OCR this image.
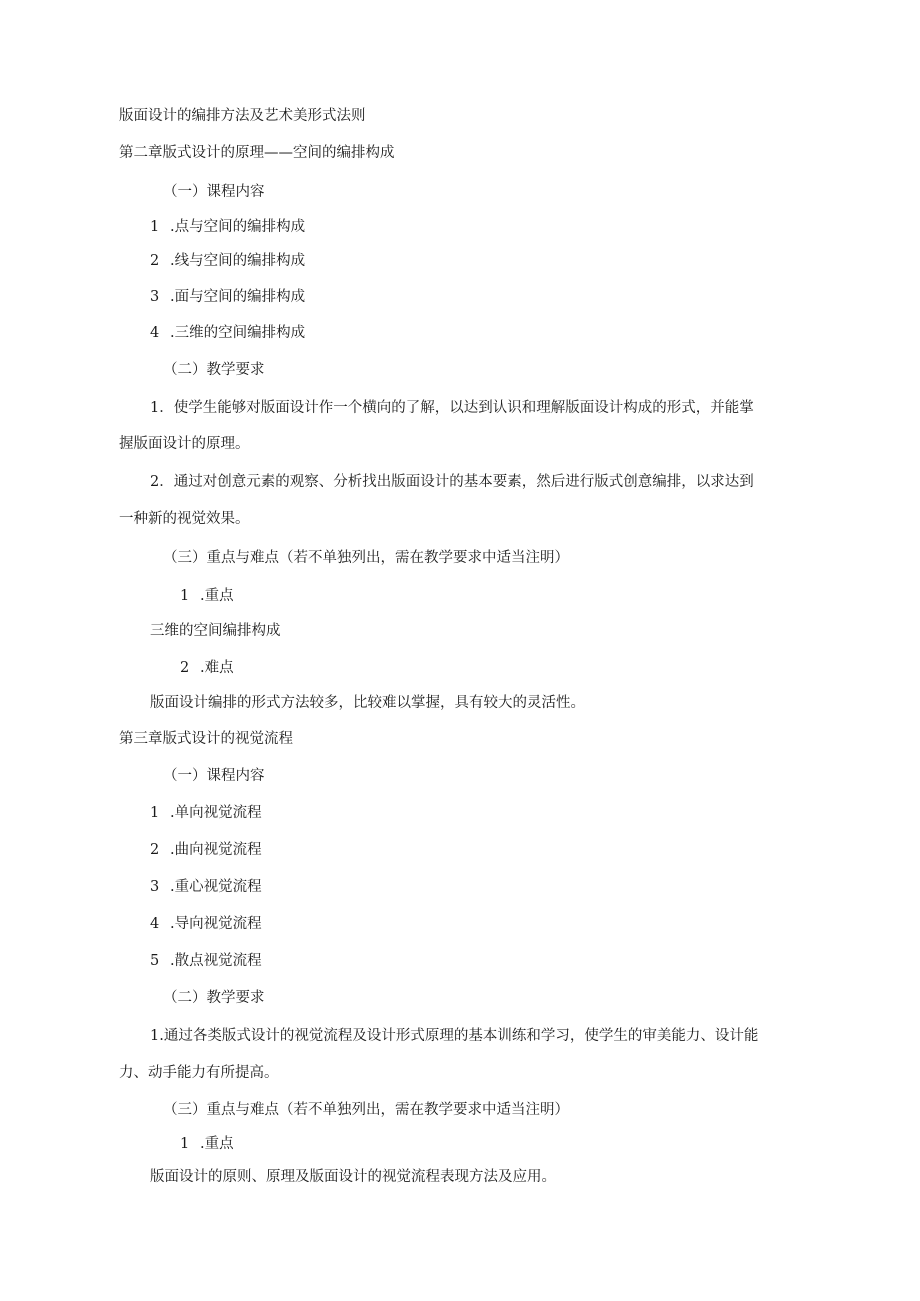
版面设计的编排方法及艺术美形式法则
第二章版式设计的原理——空间的编排构成
（一）课程内容
1 .点与空间的编排构成
2 .线与空间的编排构成
3 .面与空间的编排构成
4 .三维的空间编排构成
（二）教学要求
1．使学生能够对版面设计作一个横向的了解，以达到认识和理解版面设计构成的形式，并能掌
握版面设计的原理。
2．通过对创意元素的观察、分析找出版面设计的基本要素，然后进行版式创意编排，以求达到
一种新的视觉效果。
（三）重点与难点（若不单独列出，需在教学要求中适当注明）
1 .重点
三维的空间编排构成
2 .难点
版面设计编排的形式方法较多，比较难以掌握，具有较大的灵活性。
第三章版式设计的视觉流程
（一）课程内容
1 .单向视觉流程
2 .曲向视觉流程
3 .重心视觉流程
4 .导向视觉流程
5 .散点视觉流程
（二）教学要求
1.通过各类版式设计的视觉流程及设计形式原理的基本训练和学习，使学生的审美能力、设计能
力、动手能力有所提高。
（三）重点与难点（若不单独列出，需在教学要求中适当注明）
1 .重点
版面设计的原则、原理及版面设计的视觉流程表现方法及应用。
